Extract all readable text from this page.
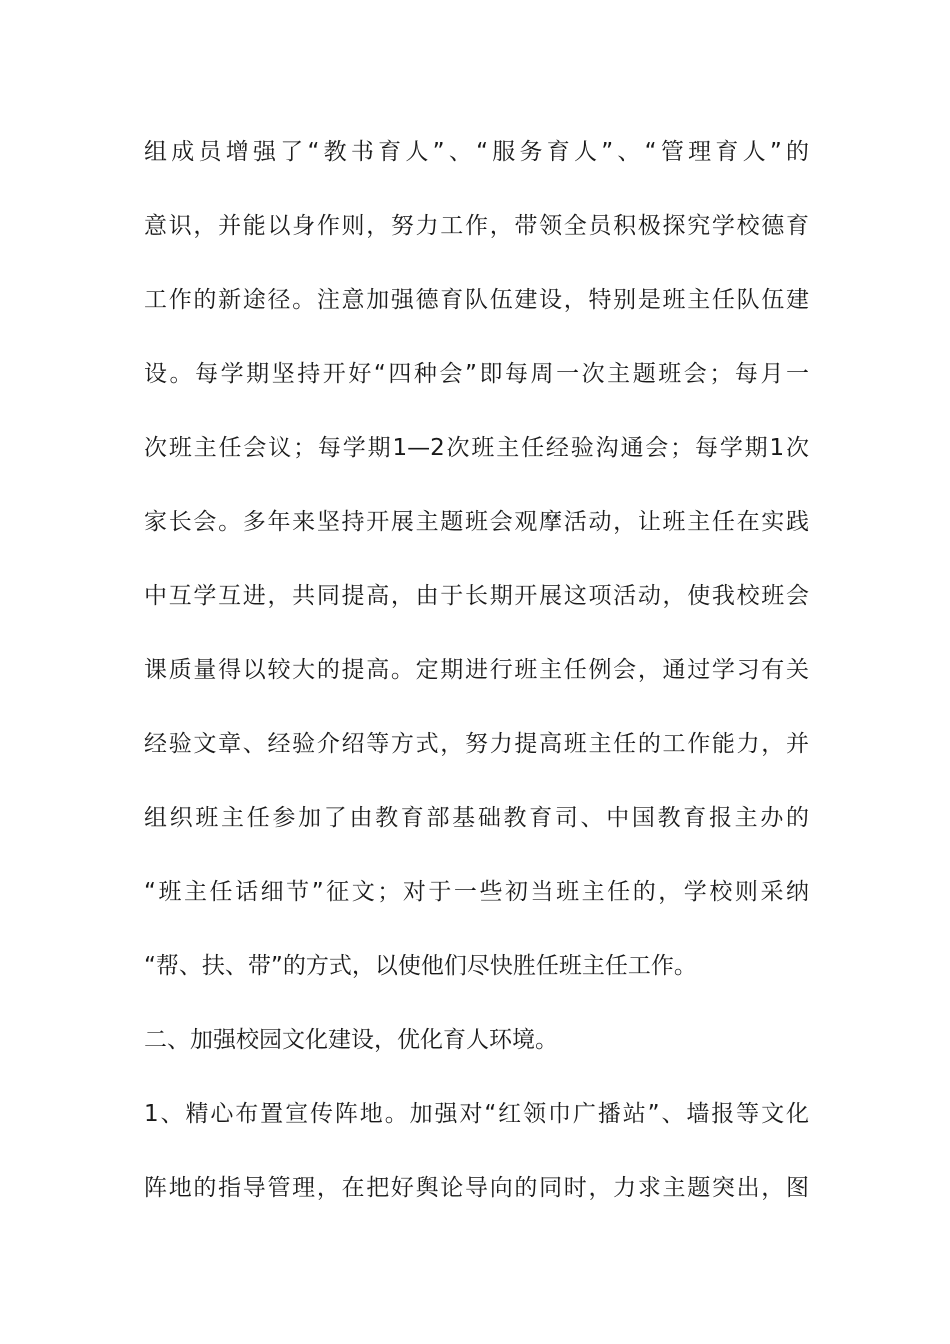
组成员增强了“教书育人”、“服务育人”、“管理育人”的
意识，并能以身作则，努力工作，带领全员积极探究学校德育
工作的新途径。注意加强德育队伍建设，特别是班主任队伍建
设。每学期坚持开好“四种会”即每周一次主题班会；每月一
次班主任会议；每学期1—2次班主任经验沟通会；每学期1次
家长会。多年来坚持开展主题班会观摩活动，让班主任在实践
中互学互进，共同提高，由于长期开展这项活动，使我校班会
课质量得以较大的提高。定期进行班主任例会，通过学习有关
经验文章、经验介绍等方式，努力提高班主任的工作能力，并
组织班主任参加了由教育部基础教育司、中国教育报主办的
“班主任话细节”征文；对于一些初当班主任的，学校则采纳
“帮、扶、带”的方式，以使他们尽快胜任班主任工作。
二、加强校园文化建设，优化育人环境。
1、精心布置宣传阵地。加强对“红领巾广播站”、墙报等文化
阵地的指导管理，在把好舆论导向的同时，力求主题突出，图
